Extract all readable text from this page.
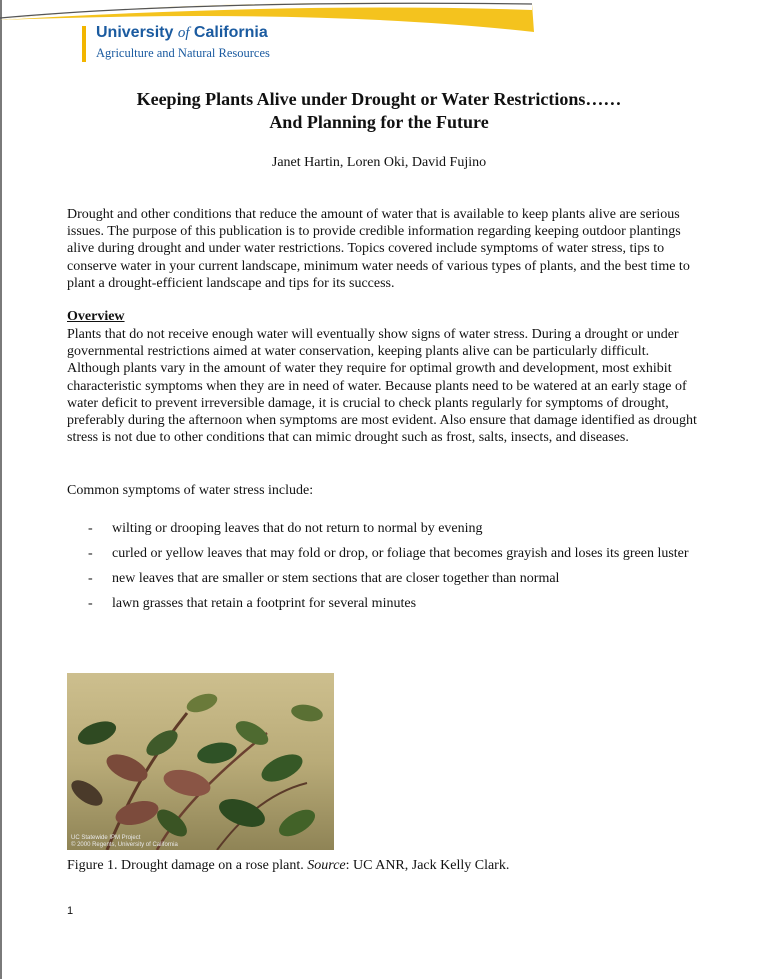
University of California
Agriculture and Natural Resources
Keeping Plants Alive under Drought or Water Restrictions……
And Planning for the Future
Janet Hartin, Loren Oki, David Fujino

Drought and other conditions that reduce the amount of water that is available to keep plants alive are serious issues. The purpose of this publication is to provide credible information regarding keeping outdoor plantings alive during drought and under water restrictions. Topics covered include symptoms of water stress, tips to conserve water in your current landscape, minimum water needs of various types of plants, and the best time to plant a drought-efficient landscape and tips for its success.

Overview

Plants that do not receive enough water will eventually show signs of water stress. During a drought or under governmental restrictions aimed at water conservation, keeping plants alive can be particularly difficult. Although plants vary in the amount of water they require for optimal growth and development, most exhibit characteristic symptoms when they are in need of water. Because plants need to be watered at an early stage of water deficit to prevent irreversible damage, it is crucial to check plants regularly for symptoms of drought, preferably during the afternoon when symptoms are most evident. Also ensure that damage identified as drought stress is not due to other conditions that can mimic drought such as frost, salts, insects, and diseases.

Common symptoms of water stress include:

- wilting or drooping leaves that do not return to normal by evening
- curled or yellow leaves that may fold or drop, or foliage that becomes grayish and loses its green luster
- new leaves that are smaller or stem sections that are closer together than normal
- lawn grasses that retain a footprint for several minutes
UC Statewide IPM Project
© 2000 Regents, University of California
Figure 1. Drought damage on a rose plant. Source: UC ANR, Jack Kelly Clark.
1
